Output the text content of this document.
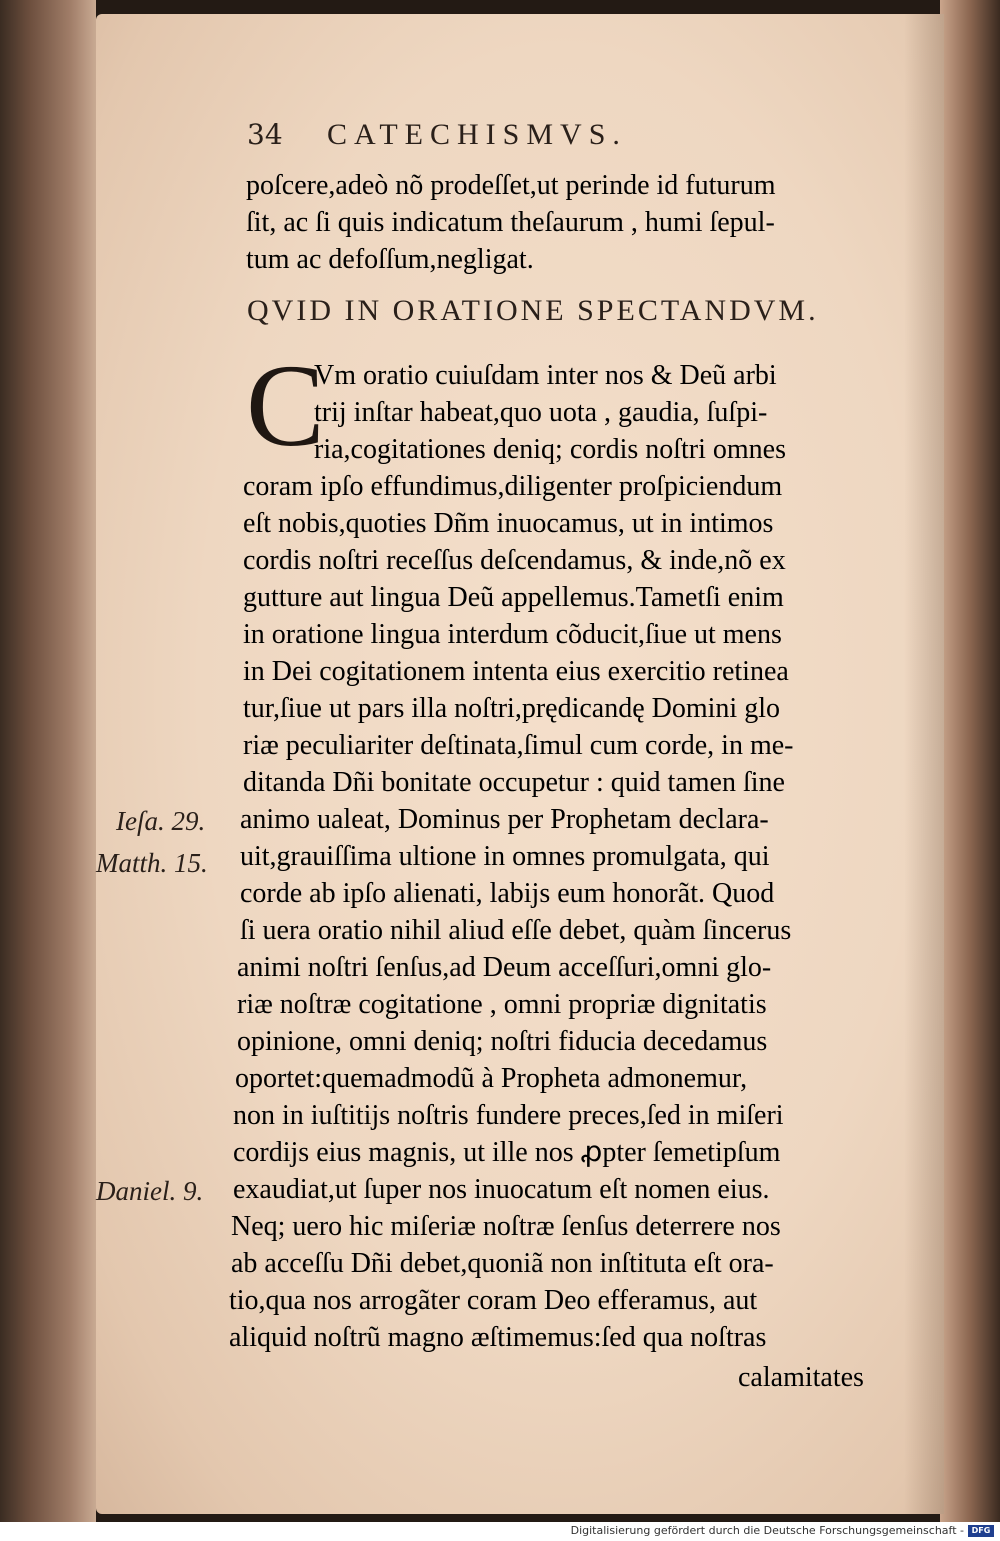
34 CATECHISMVS.
poſcere,adeò nõ prodeſſet,ut perinde id futurum
ſit, ac ſi quis indicatum theſaurum , humi ſepul-
tum ac defoſſum,negligat.
QVID IN ORATIONE SPECTANDVM.
C
Vm oratio cuiuſdam inter nos & Deũ arbi
trij inſtar habeat,quo uota , gaudia, ſuſpi-
ria,cogitationes deniq; cordis noſtri omnes
coram ipſo effundimus,diligenter proſpiciendum
eſt nobis,quoties Dñm inuocamus, ut in intimos
cordis noſtri receſſus deſcendamus, & inde,nõ ex
gutture aut lingua Deũ appellemus.Tametſi enim
in oratione lingua interdum cõducit,ſiue ut mens
in Dei cogitationem intenta eius exercitio retinea
tur,ſiue ut pars illa noſtri,prędicandę Domini glo
riæ peculiariter deſtinata,ſimul cum corde, in me-
ditanda Dñi bonitate occupetur : quid tamen ſine
animo ualeat, Dominus per Prophetam declara-
uit,grauiſſima ultione in omnes promulgata, qui
corde ab ipſo alienati, labijs eum honorãt. Quod
ſi uera oratio nihil aliud eſſe debet, quàm ſincerus
animi noſtri ſenſus,ad Deum acceſſuri,omni glo-
riæ noſtræ cogitatione , omni propriæ dignitatis
opinione, omni deniq; noſtri fiducia decedamus
oportet:quemadmodũ à Propheta admonemur,
non in iuſtitijs noſtris fundere preces,ſed in miſeri
cordijs eius magnis, ut ille nos ꝓpter ſemetipſum
exaudiat,ut ſuper nos inuocatum eſt nomen eius.
Neq; uero hic miſeriæ noſtræ ſenſus deterrere nos
ab acceſſu Dñi debet,quoniã non inſtituta eſt ora-
tio,qua nos arrogãter coram Deo efferamus, aut
aliquid noſtrũ magno æſtimemus:ſed qua noſtras
calamitates
Ieſa. 29.
Matth. 15.
Daniel. 9.
Digitalisierung gefördert durch die Deutsche Forschungsgemeinschaft - DFG
